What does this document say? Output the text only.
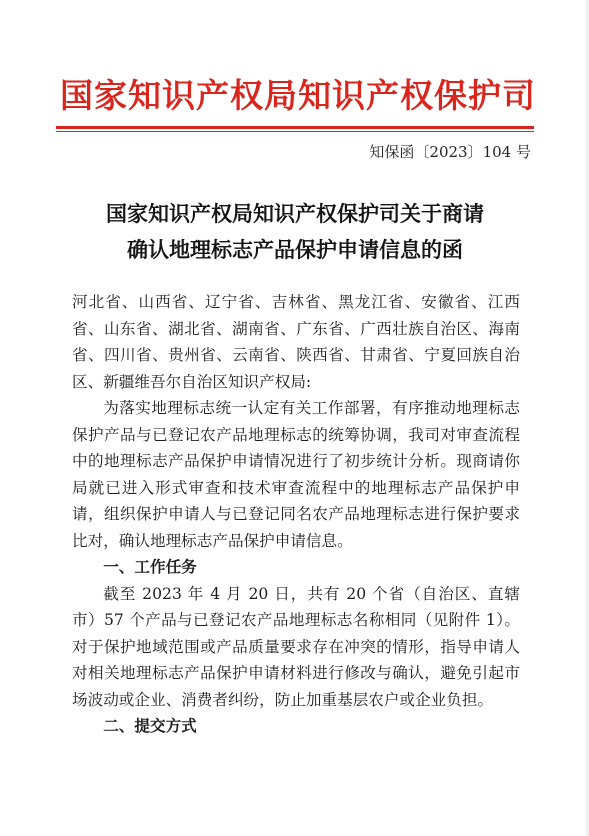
国家知识产权局知识产权保护司
知保函〔2023〕104 号
国家知识产权局知识产权保护司关于商请
确认地理标志产品保护申请信息的函

河北省、山西省、辽宁省、吉林省、黑龙江省、安徽省、江西省、山东省、湖北省、湖南省、广东省、广西壮族自治区、海南省、四川省、贵州省、云南省、陕西省、甘肃省、宁夏回族自治区、新疆维吾尔自治区知识产权局:

为落实地理标志统一认定有关工作部署，有序推动地理标志保护产品与已登记农产品地理标志的统筹协调，我司对审查流程中的地理标志产品保护申请情况进行了初步统计分析。现商请你局就已进入形式审查和技术审查流程中的地理标志产品保护申请，组织保护申请人与已登记同名农产品地理标志进行保护要求比对，确认地理标志产品保护申请信息。

一、工作任务

截至 2023 年 4 月 20 日，共有 20 个省（自治区、直辖市）57 个产品与已登记农产品地理标志名称相同（见附件 1）。对于保护地域范围或产品质量要求存在冲突的情形，指导申请人对相关地理标志产品保护申请材料进行修改与确认，避免引起市场波动或企业、消费者纠纷，防止加重基层农户或企业负担。

二、提交方式
